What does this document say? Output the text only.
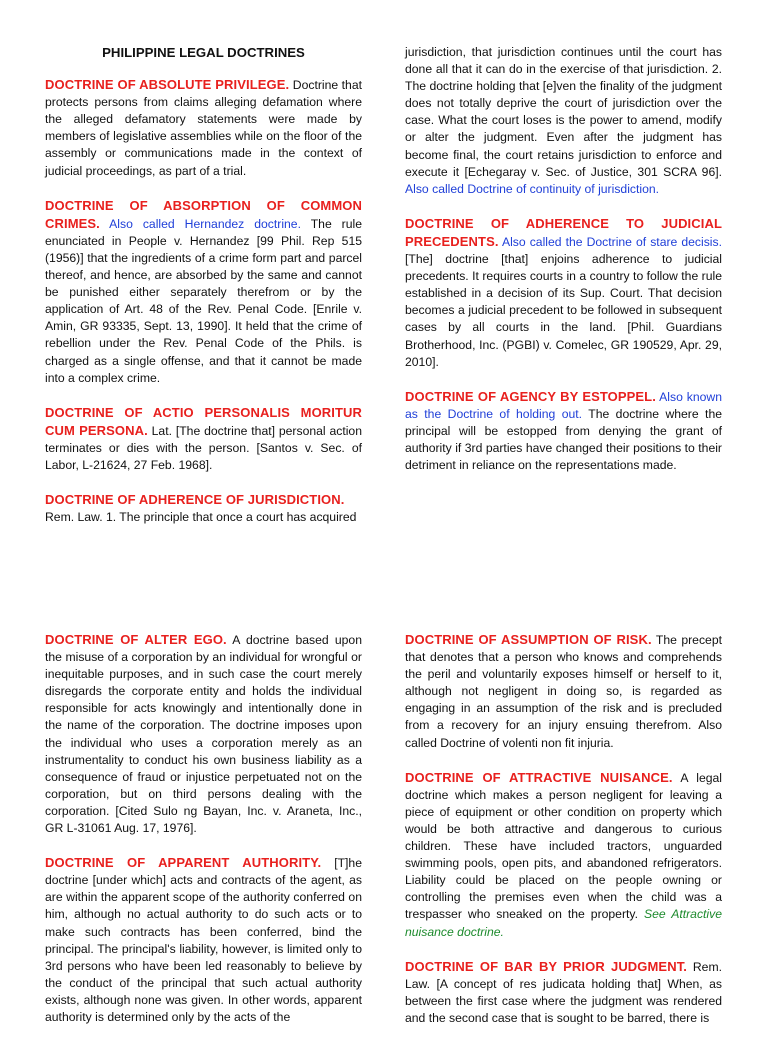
PHILIPPINE LEGAL DOCTRINES

DOCTRINE OF ABSOLUTE PRIVILEGE. Doctrine that protects persons from claims alleging defamation where the alleged defamatory statements were made by members of legislative assemblies while on the floor of the assembly or communications made in the context of judicial proceedings, as part of a trial.

DOCTRINE OF ABSORPTION OF COMMON CRIMES. Also called Hernandez doctrine. The rule enunciated in People v. Hernandez [99 Phil. Rep 515 (1956)] that the ingredients of a crime form part and parcel thereof, and hence, are absorbed by the same and cannot be punished either separately therefrom or by the application of Art. 48 of the Rev. Penal Code. [Enrile v. Amin, GR 93335, Sept. 13, 1990]. It held that the crime of rebellion under the Rev. Penal Code of the Phils. is charged as a single offense, and that it cannot be made into a complex crime.

DOCTRINE OF ACTIO PERSONALIS MORITUR CUM PERSONA. Lat. [The doctrine that] personal action terminates or dies with the person. [Santos v. Sec. of Labor, L-21624, 27 Feb. 1968].

DOCTRINE OF ADHERENCE OF JURISDICTION.
Rem. Law. 1. The principle that once a court has acquired

jurisdiction, that jurisdiction continues until the court has done all that it can do in the exercise of that jurisdiction. 2. The doctrine holding that [e]ven the finality of the judgment does not totally deprive the court of jurisdiction over the case. What the court loses is the power to amend, modify or alter the judgment. Even after the judgment has become final, the court retains jurisdiction to enforce and execute it [Echegaray v. Sec. of Justice, 301 SCRA 96]. Also called Doctrine of continuity of jurisdiction.

DOCTRINE OF ADHERENCE TO JUDICIAL PRECEDENTS. Also called the Doctrine of stare decisis. [The] doctrine [that] enjoins adherence to judicial precedents. It requires courts in a country to follow the rule established in a decision of its Sup. Court. That decision becomes a judicial precedent to be followed in subsequent cases by all courts in the land. [Phil. Guardians Brotherhood, Inc. (PGBI) v. Comelec, GR 190529, Apr. 29, 2010].

DOCTRINE OF AGENCY BY ESTOPPEL. Also known as the Doctrine of holding out. The doctrine where the principal will be estopped from denying the grant of authority if 3rd parties have changed their positions to their detriment in reliance on the representations made.

DOCTRINE OF ALTER EGO. A doctrine based upon the misuse of a corporation by an individual for wrongful or inequitable purposes, and in such case the court merely disregards the corporate entity and holds the individual responsible for acts knowingly and intentionally done in the name of the corporation. The doctrine imposes upon the individual who uses a corporation merely as an instrumentality to conduct his own business liability as a consequence of fraud or injustice perpetuated not on the corporation, but on third persons dealing with the corporation. [Cited Sulo ng Bayan, Inc. v. Araneta, Inc., GR L-31061 Aug. 17, 1976].

DOCTRINE OF APPARENT AUTHORITY. [T]he doctrine [under which] acts and contracts of the agent, as are within the apparent scope of the authority conferred on him, although no actual authority to do such acts or to make such contracts has been conferred, bind the principal. The principal's liability, however, is limited only to 3rd persons who have been led reasonably to believe by the conduct of the principal that such actual authority exists, although none was given. In other words, apparent authority is determined only by the acts of the

DOCTRINE OF ASSUMPTION OF RISK. The precept that denotes that a person who knows and comprehends the peril and voluntarily exposes himself or herself to it, although not negligent in doing so, is regarded as engaging in an assumption of the risk and is precluded from a recovery for an injury ensuing therefrom. Also called Doctrine of volenti non fit injuria.

DOCTRINE OF ATTRACTIVE NUISANCE. A legal doctrine which makes a person negligent for leaving a piece of equipment or other condition on property which would be both attractive and dangerous to curious children. These have included tractors, unguarded swimming pools, open pits, and abandoned refrigerators. Liability could be placed on the people owning or controlling the premises even when the child was a trespasser who sneaked on the property. See Attractive nuisance doctrine.

DOCTRINE OF BAR BY PRIOR JUDGMENT. Rem. Law. [A concept of res judicata holding that] When, as between the first case where the judgment was rendered and the second case that is sought to be barred, there is
